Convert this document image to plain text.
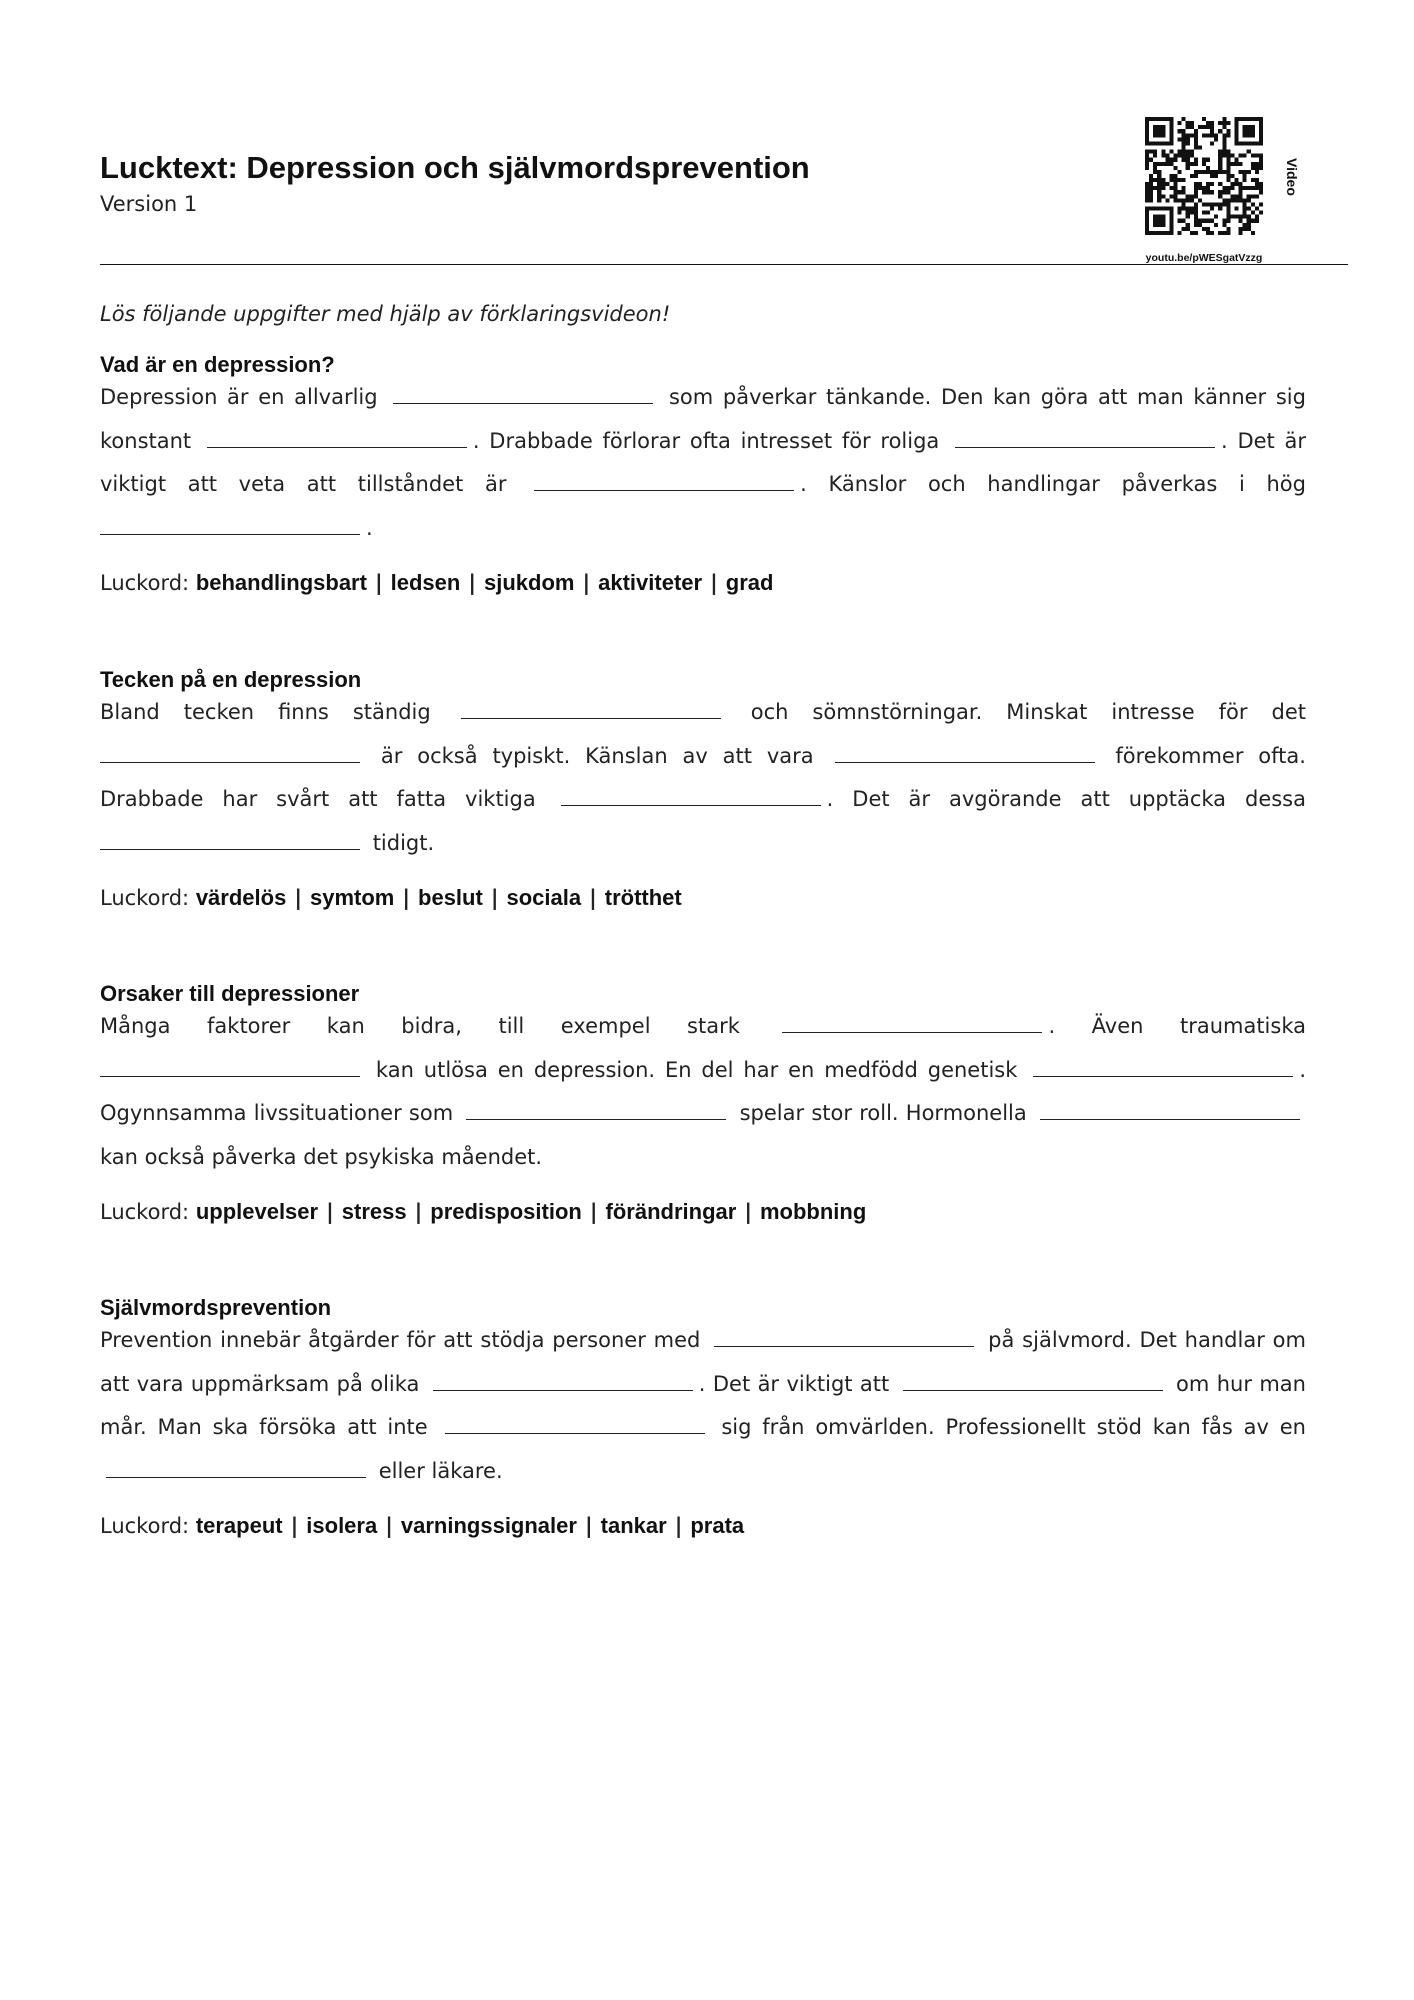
Lucktext: Depression och självmordsprevention
Version 1
youtu.be/pWESgatVzzg
Video
Lös följande uppgifter med hjälp av förklaringsvideon!
Vad är en depression?
Depression är en allvarlig	som påverkar tänkande. Den kan göra att man känner sig konstant	. Drabbade förlorar ofta intresset för roliga	. Det är viktigt att veta att tillståndet är	. Känslor och handlingar påverkas i hög .
Luckord: behandlingsbart | ledsen | sjukdom | aktiviteter | grad
Tecken på en depression
Bland tecken finns ständig	och sömnstörningar. Minskat intresse för det  är också typiskt. Känslan av att vara	förekommer ofta. Drabbade har svårt att fatta viktiga	. Det är avgörande att upptäcka dessa  tidigt.
Luckord: värdelös | symtom | beslut | sociala | trötthet
Orsaker till depressioner
Många faktorer kan bidra, till exempel stark	. Även traumatiska  kan utlösa en depression. En del har en medfödd genetisk	. Ogynnsamma livssituationer som	spelar stor roll. Hormonella  kan också påverka det psykiska måendet.
Luckord: upplevelser | stress | predisposition | förändringar | mobbning
Självmordsprevention
Prevention innebär åtgärder för att stödja personer med	på självmord. Det handlar om att vara uppmärksam på olika	. Det är viktigt att	om hur man mår. Man ska försöka att inte	sig från omvärlden. Professionellt stöd kan fås av en  eller läkare.
Luckord: terapeut | isolera | varningssignaler | tankar | prata
